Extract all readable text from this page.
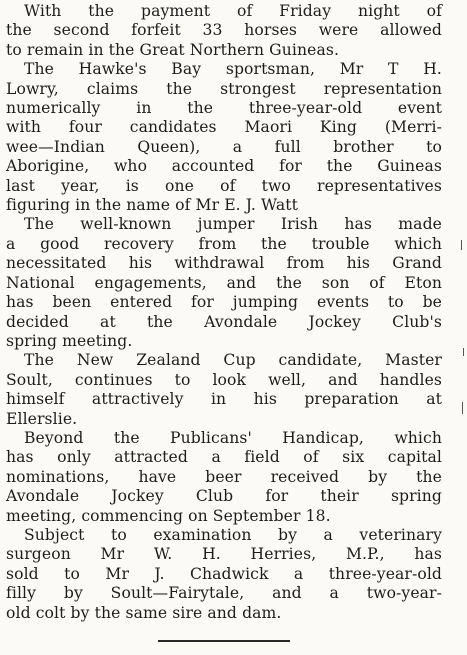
With the payment of Friday night of
the second forfeit 33 horses were allowed
to remain in the Great Northern Guineas.

The Hawke's Bay sportsman, Mr T H.
Lowry, claims the strongest representation
numerically in the three-year-old event
with four candidates Maori King (Merri-
wee—Indian Queen), a full brother to
Aborigine, who accounted for the Guineas
last year, is one of two representatives
figuring in the name of Mr E. J. Watt

The well-known jumper Irish has made
a good recovery from the trouble which
necessitated his withdrawal from his Grand
National engagements, and the son of Eton
has been entered for jumping events to be
decided at the Avondale Jockey Club's
spring meeting.

The New Zealand Cup candidate, Master
Soult, continues to look well, and handles
himself attractively in his preparation at
Ellerslie.

Beyond the Publicans' Handicap, which
has only attracted a field of six capital
nominations, have beer received by the
Avondale Jockey Club for their spring
meeting, commencing on September 18.

Subject to examination by a veterinary
surgeon Mr W. H. Herries, M.P., has
sold to Mr J. Chadwick a three-year-old
filly by Soult—Fairytale, and a two-year-
old colt by the same sire and dam.
